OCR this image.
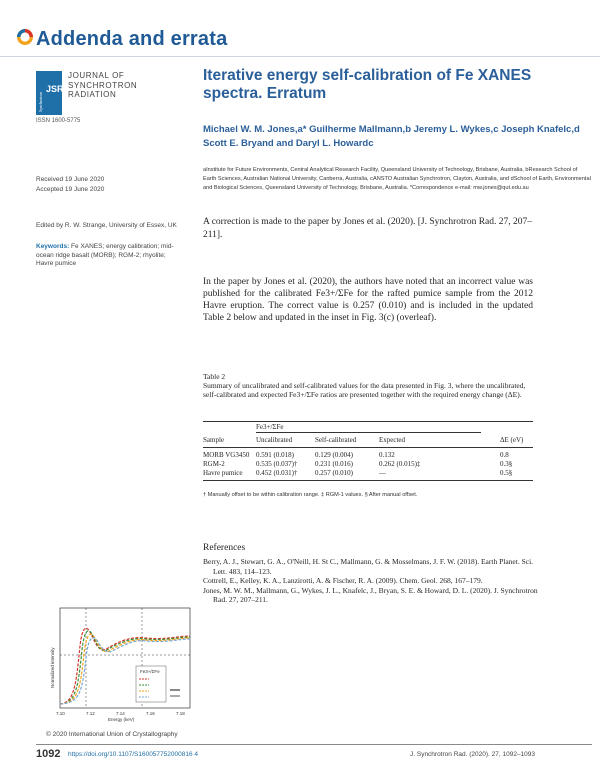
Addenda and errata
Synchrotron
JSR
JOURNAL OF
SYNCHROTRON
RADIATION
ISSN 1600-5775
Received 19 June 2020
Accepted 19 June 2020
Edited by R. W. Strange, University of Essex, UK
Keywords: Fe XANES; energy calibration; mid-ocean ridge basalt (MORB); RGM-2; rhyolite; Havre pumice
Iterative energy self-calibration of Fe XANES spectra. Erratum
Michael W. M. Jones,a* Guilherme Mallmann,b Jeremy L. Wykes,c Joseph Knafelc,d
Scott E. Bryand and Daryl L. Howardc
aInstitute for Future Environments, Central Analytical Research Facility, Queensland University of Technology, Brisbane, Australia, bResearch School of Earth Sciences, Australian National University, Canberra, Australia, cANSTO Australian Synchrotron, Clayton, Australia, and dSchool of Earth, Environmental and Biological Sciences, Queensland University of Technology, Brisbane, Australia. *Correspondence e-mail: mw.jones@qut.edu.au
A correction is made to the paper by Jones et al. (2020). [J. Synchrotron Rad. 27, 207–211].
In the paper by Jones et al. (2020), the authors have noted that an incorrect value was published for the calibrated Fe3+/ΣFe for the rafted pumice sample from the 2012 Havre eruption. The correct value is 0.257 (0.010) and is included in the updated Table 2 below and updated in the inset in Fig. 3(c) (overleaf).
Table 2
Summary of uncalibrated and self-calibrated values for the data presented in Fig. 3, where the uncalibrated, self-calibrated and expected Fe3+/ΣFe ratios are presented together with the required energy change (ΔE).
Fe3+/ΣFe
Sample	Uncalibrated	Self-calibrated	Expected	ΔE (eV)
MORB VG3450 0.591 (0.018)	0.129 (0.004)	0.132	0.8
RGM-2	0.535 (0.037)†	0.231 (0.016)	0.262 (0.015)‡	0.3§
Havre pumice 0.452 (0.031)†	0.257 (0.010)	—	0.5§
† Manually offset to be within calibration range. ‡ RGM-1 values. § After manual offset.
References
Berry, A. J., Stewart, G. A., O'Neill, H. St C., Mallmann, G. & Mosselmans, J. F. W. (2018). Earth Planet. Sci. Lett. 483, 114–123.
Cottrell, E., Kelley, K. A., Lanzirotti, A. & Fischer, R. A. (2009). Chem. Geol. 268, 167–179.
Jones, M. W. M., Mallmann, G., Wykes, J. L., Knafelc, J., Bryan, S. E. & Howard, D. L. (2020). J. Synchrotron Rad. 27, 207–211.
Fe3+/ΣFe
7.10	7.12	7.14	7.16	7.18
Energy (keV)
Normalized intensity
© 2020 International Union of Crystallography
1092 https://doi.org/10.1107/S160057752000816 4	J. Synchrotron Rad. (2020). 27, 1092–1093
